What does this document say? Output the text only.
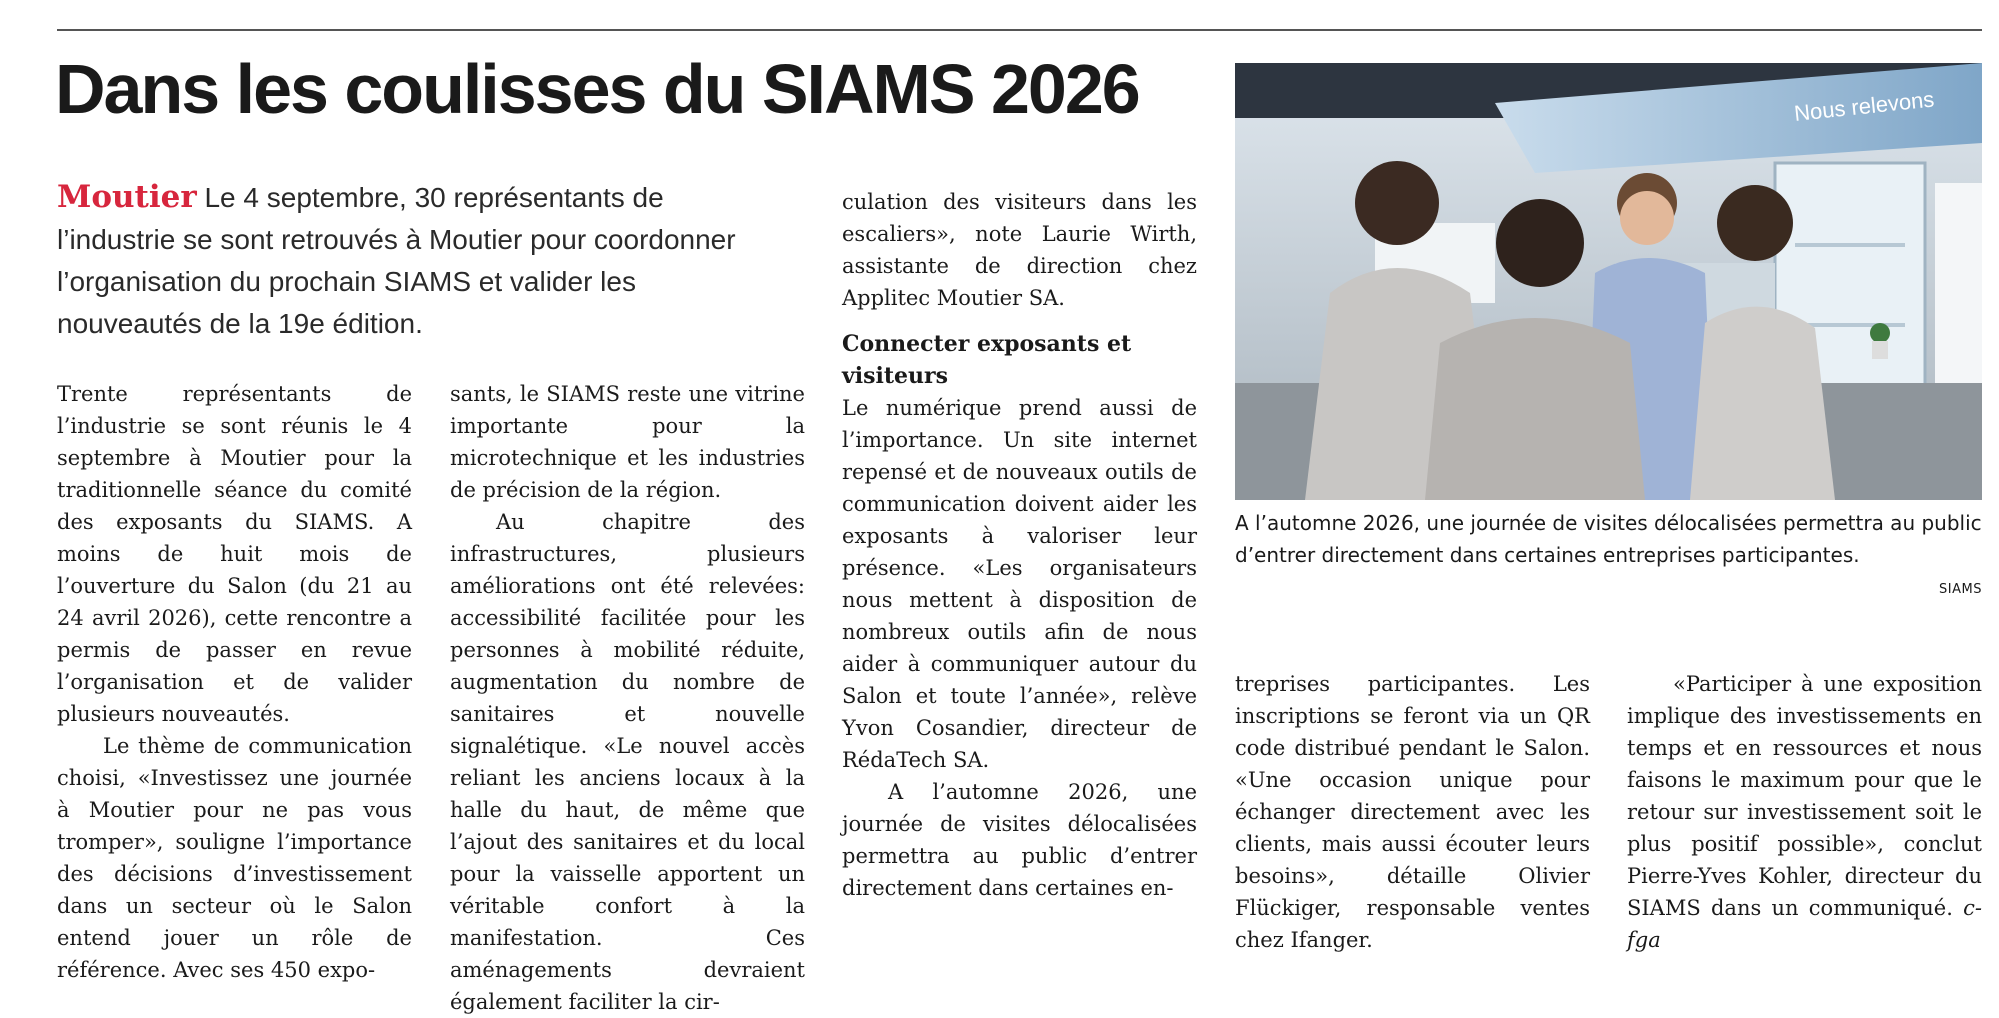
Dans les coulisses du SIAMS 2026

Moutier Le 4 septembre, 30 représentants de l’industrie se sont retrouvés à Moutier pour coordonner l’organisation du prochain SIAMS et valider les nouveautés de la 19e édition.

Trente représentants de l’industrie se sont réunis le 4 septembre à Moutier pour la traditionnelle séance du comité des exposants du SIAMS. A moins de huit mois de l’ouverture du Salon (du 21 au 24 avril 2026), cette rencontre a permis de passer en revue l’organisation et de valider plusieurs nouveautés.

Le thème de communication choisi, «Investissez une journée à Moutier pour ne pas vous tromper», souligne l’importance des décisions d’investissement dans un secteur où le Salon entend jouer un rôle de référence. Avec ses 450 expo-

sants, le SIAMS reste une vitrine importante pour la microtechnique et les industries de précision de la région.

Au chapitre des infrastructures, plusieurs améliorations ont été relevées: accessibilité facilitée pour les personnes à mobilité réduite, augmentation du nombre de sanitaires et nouvelle signalétique. «Le nouvel accès reliant les anciens locaux à la halle du haut, de même que l’ajout des sanitaires et du local pour la vaisselle apportent un véritable confort à la manifestation. Ces aménagements devraient également faciliter la cir-

culation des visiteurs dans les escaliers», note Laurie Wirth, assistante de direction chez Applitec Moutier SA.

Connecter exposants et visiteurs

Le numérique prend aussi de l’importance. Un site internet repensé et de nouveaux outils de communication doivent aider les exposants à valoriser leur présence. «Les organisateurs nous mettent à disposition de nombreux outils afin de nous aider à communiquer autour du Salon et toute l’année», relève Yvon Cosandier, directeur de RédaTech SA.

A l’automne 2026, une journée de visites délocalisées permettra au public d’entrer directement dans certaines en-

Nous relevons

A l’automne 2026, une journée de visites délocalisées permettra au public d’entrer directement dans certaines entreprises participantes.

SIAMS

treprises participantes. Les inscriptions se feront via un QR code distribué pendant le Salon. «Une occasion unique pour échanger directement avec les clients, mais aussi écouter leurs besoins», détaille Olivier Flückiger, responsable ventes chez Ifanger.

«Participer à une exposition implique des investissements en temps et en ressources et nous faisons le maximum pour que le retour sur investissement soit le plus positif possible», conclut Pierre-Yves Kohler, directeur du SIAMS dans un communiqué. c-fga
